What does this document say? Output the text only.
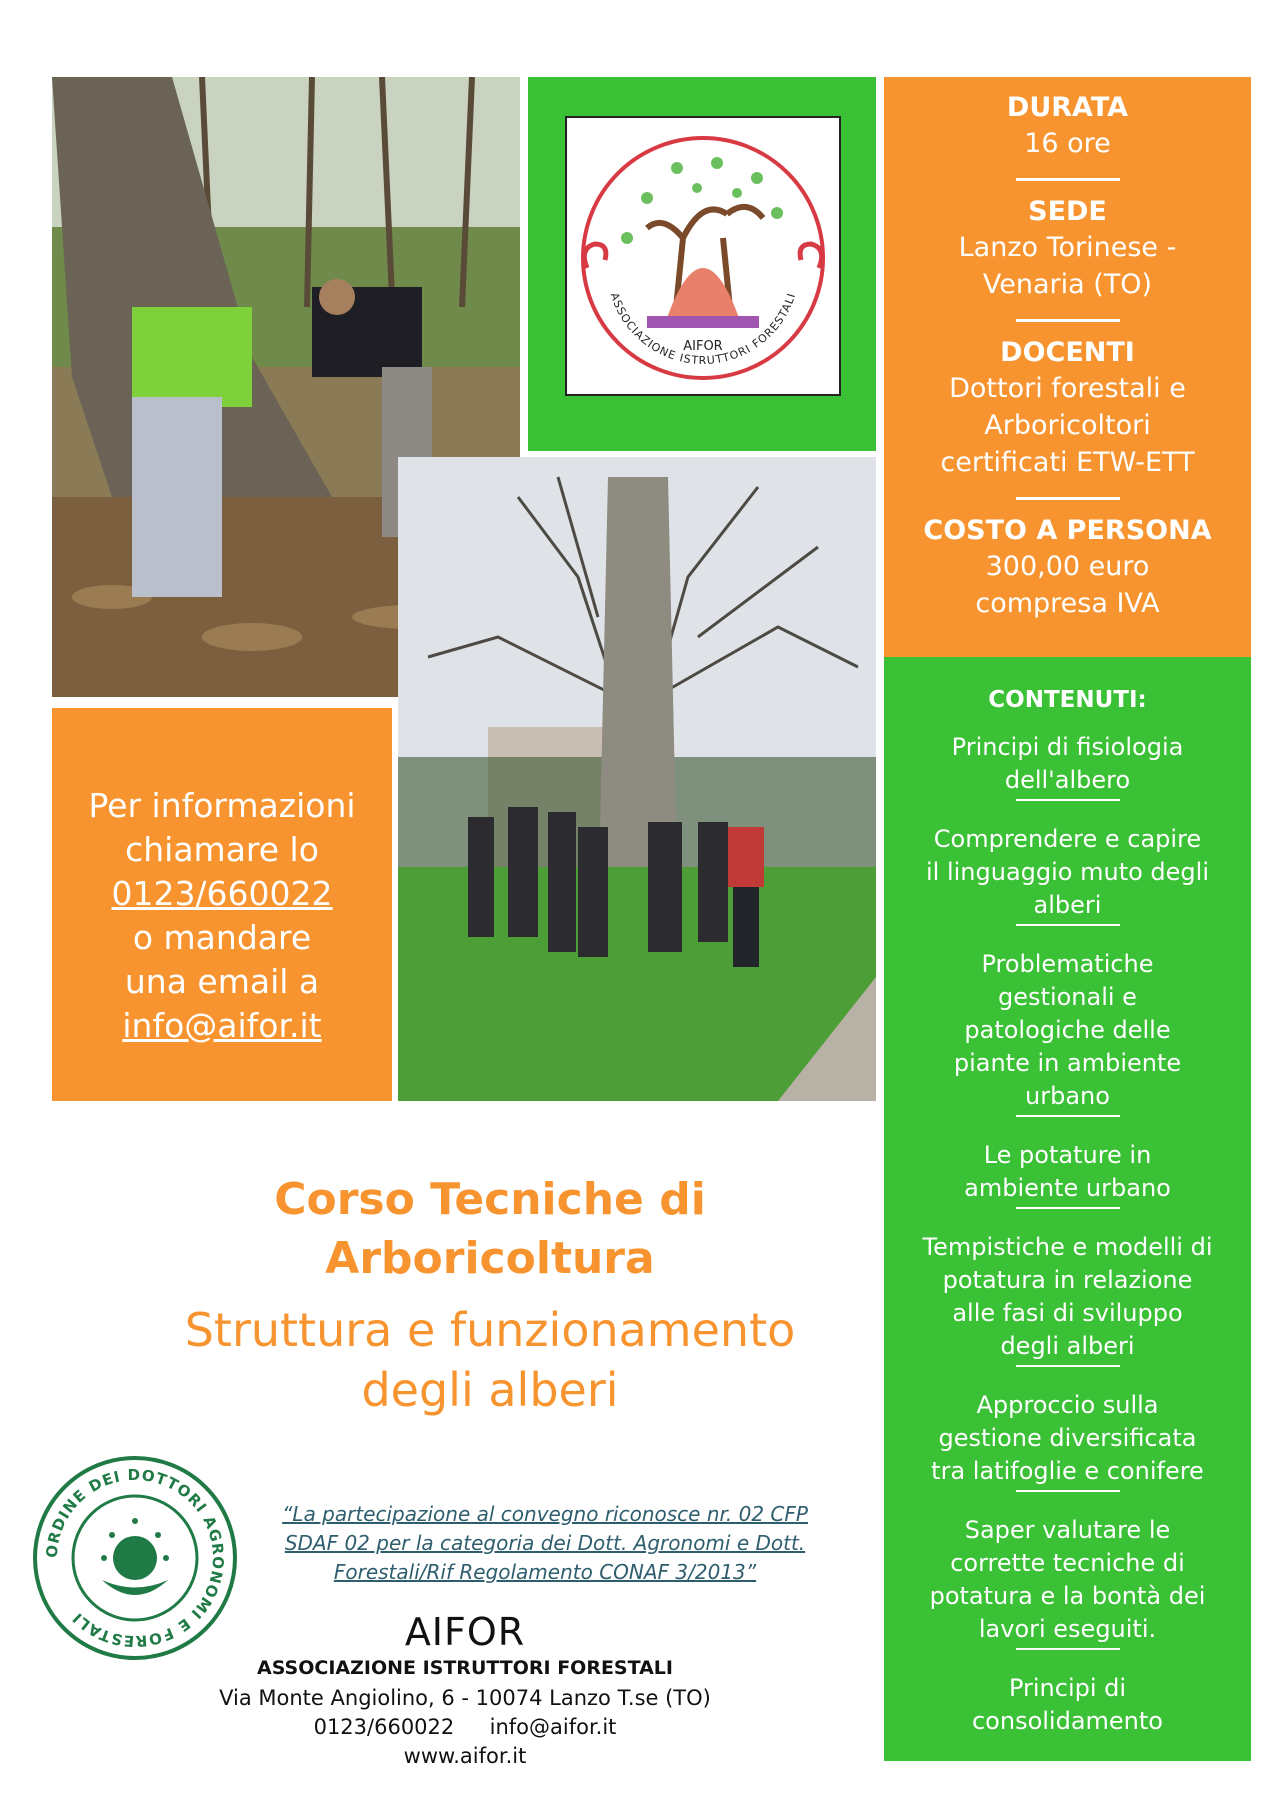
AIFOR
ASSOCIAZIONE ISTRUTTORI FORESTALI
DURATA
16 ore
SEDE
Lanzo Torinese -
Venaria (TO)
DOCENTI
Dottori forestali e
Arboricoltori
certificati ETW-ETT
COSTO A PERSONA
300,00 euro
compresa IVA
CONTENUTI:
Principi di fisiologia
dell'albero
Comprendere e capire
il linguaggio muto degli
alberi
Problematiche
gestionali e
patologiche delle
piante in ambiente
urbano
Le potature in
ambiente urbano
Tempistiche e modelli di
potatura in relazione
alle fasi di sviluppo
degli alberi
Approccio sulla
gestione diversificata
tra latifoglie e conifere
Saper valutare le
corrette tecniche di
potatura e la bontà dei
lavori eseguiti.
Principi di
consolidamento

Per informazioni

chiamare lo

0123/660022

o mandare

una email a

info@aifor.it

Corso Tecniche di
Arboricoltura
Struttura e funzionamento
degli alberi
ORDINE DEI DOTTORI AGRONOMI E FORESTALI
“La partecipazione al convegno riconosce nr. 02 CFP
SDAF 02 per la categoria dei Dott. Agronomi e Dott.
Forestali/Rif Regolamento CONAF 3/2013”
AIFOR
ASSOCIAZIONE ISTRUTTORI FORESTALI
Via Monte Angiolino, 6 - 10074 Lanzo T.se (TO)
0123/660022 info@aifor.it
www.aifor.it
